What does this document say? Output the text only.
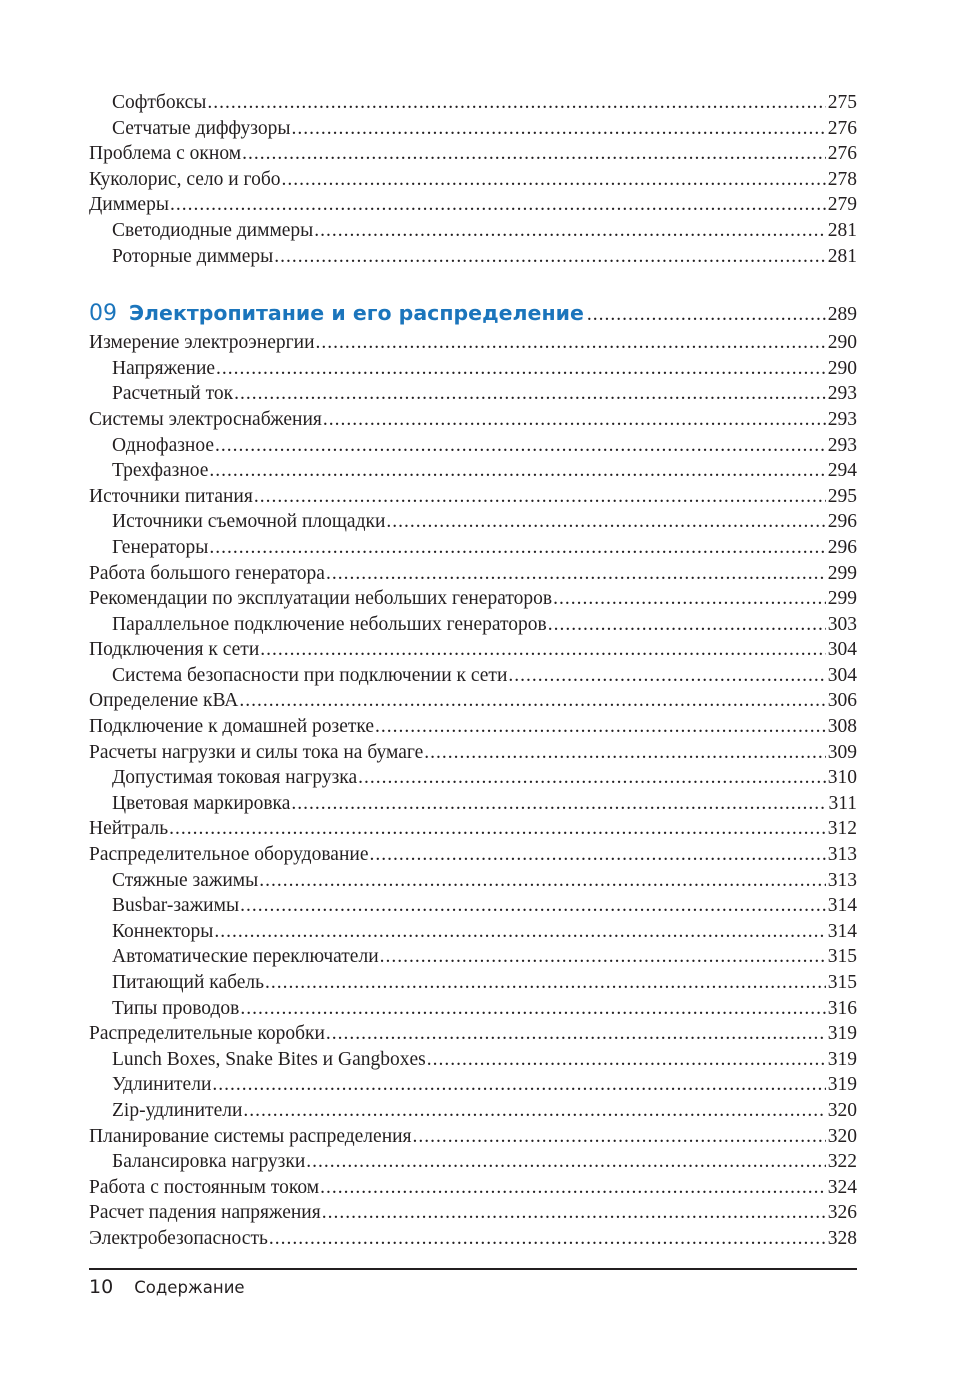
Софтбоксы .....	275
Сетчатые диффузоры .....	276
Проблема с окном .....	276
Куколорис, село и гобо .....	278
Диммеры .....	279
Светодиодные диммеры .....	281
Роторные диммеры .....	281
09 Электропитание и его распределение .....	289
Измерение электроэнергии .....	290
Напряжение .....	290
Расчетный ток .....	293
Системы электроснабжения .....	293
Однофазное .....	293
Трехфазное .....	294
Источники питания .....	295
Источники съемочной площадки .....	296
Генераторы .....	296
Работа большого генератора .....	299
Рекомендации по эксплуатации небольших генераторов .....	299
Параллельное подключение небольших генераторов .....	303
Подключения к сети .....	304
Система безопасности при подключении к сети .....	304
Определение кВА .....	306
Подключение к домашней розетке .....	308
Расчеты нагрузки и силы тока на бумаге .....	309
Допустимая токовая нагрузка .....	310
Цветовая маркировка .....	311
Нейтраль .....	312
Распределительное оборудование .....	313
Стяжные зажимы .....	313
Busbar-зажимы .....	314
Коннекторы .....	314
Автоматические переключатели .....	315
Питающий кабель .....	315
Типы проводов .....	316
Распределительные коробки .....	319
Lunch Boxes, Snake Bites и Gangboxes .....	319
Удлинители .....	319
Zip-удлинители .....	320
Планирование системы распределения .....	320
Балансировка нагрузки .....	322
Работа с постоянным током .....	324
Расчет падения напряжения .....	326
Электробезопасность .....	328
10 Содержание
